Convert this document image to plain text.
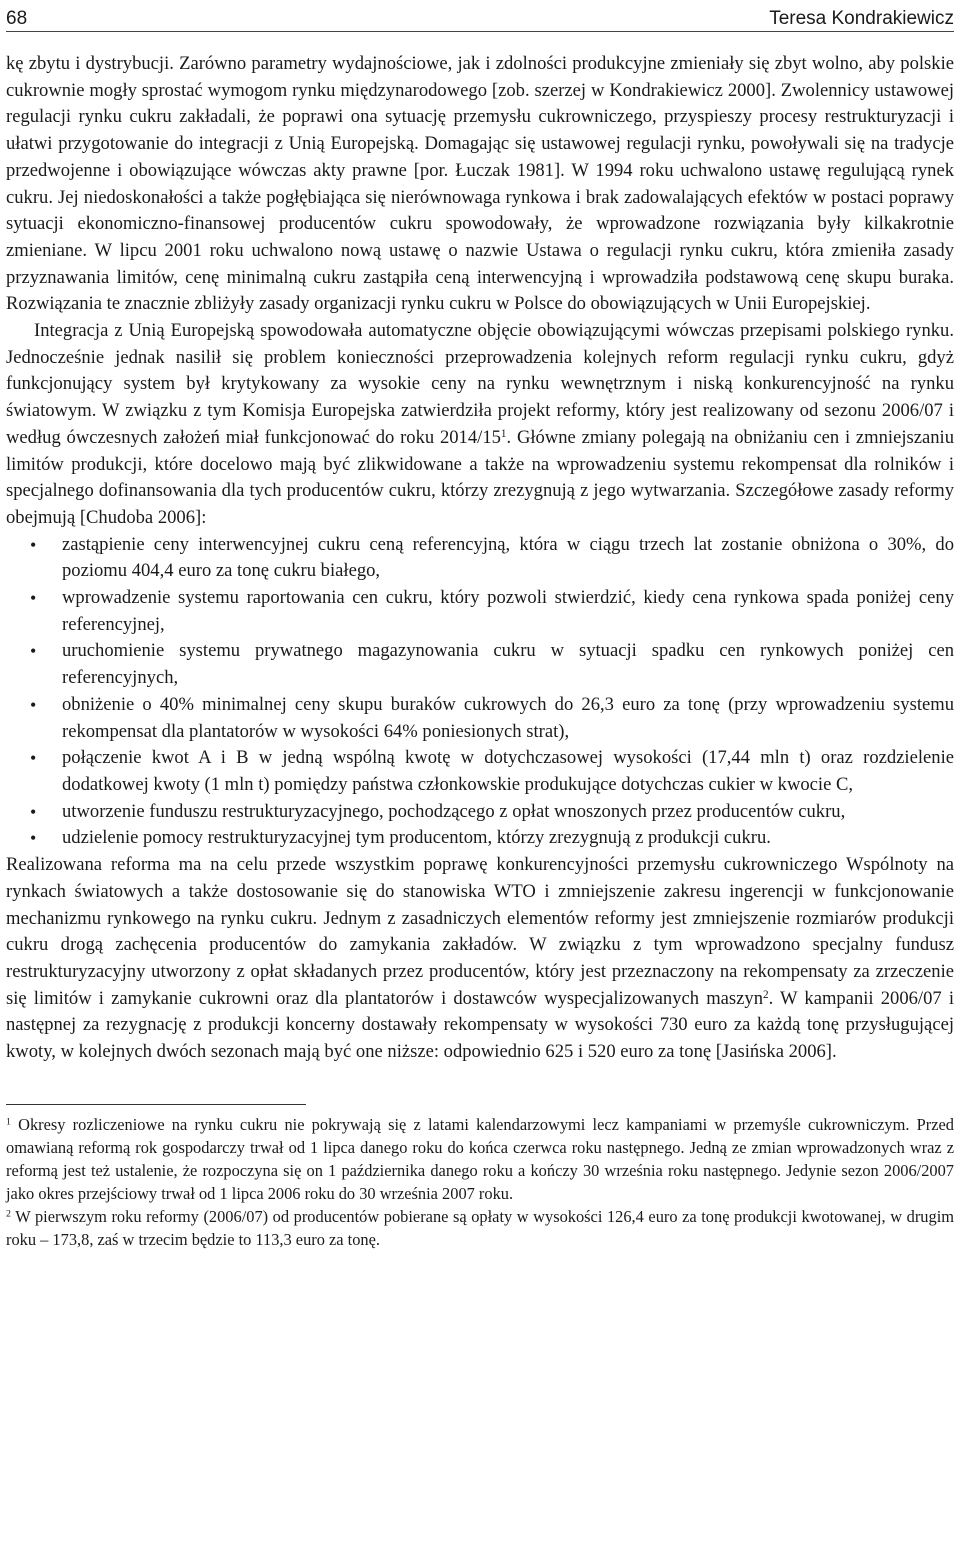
68	Teresa Kondrakiewicz

kę zbytu i dystrybucji. Zarówno parametry wydajnościowe, jak i zdolności produkcyjne zmieniały się zbyt wolno, aby polskie cukrownie mogły sprostać wymogom rynku międzynarodowego [zob. szerzej w Kondrakiewicz 2000]. Zwolennicy ustawowej regulacji rynku cukru zakładali, że poprawi ona sytuację przemysłu cukrowniczego, przyspieszy procesy restrukturyzacji i ułatwi przygotowanie do integracji z Unią Europejską. Domagając się ustawowej regulacji rynku, powoływali się na tradycje przedwojenne i obowiązujące wówczas akty prawne [por. Łuczak 1981]. W 1994 roku uchwalono ustawę regulującą rynek cukru. Jej niedoskonałości a także pogłębiająca się nierównowaga rynkowa i brak zadowalających efektów w postaci poprawy sytuacji ekonomiczno-finansowej producentów cukru spowodowały, że wprowadzone rozwiązania były kilkakrotnie zmieniane. W lipcu 2001 roku uchwalono nową ustawę o nazwie Ustawa o regulacji rynku cukru, która zmieniła zasady przyznawania limitów, cenę minimalną cukru zastąpiła ceną interwencyjną i wprowadziła podstawową cenę skupu buraka. Rozwiązania te znacznie zbliżyły zasady organizacji rynku cukru w Polsce do obowiązujących w Unii Europejskiej.

Integracja z Unią Europejską spowodowała automatyczne objęcie obowiązującymi wówczas przepisami polskiego rynku. Jednocześnie jednak nasilił się problem konieczności przeprowadzenia kolejnych reform regulacji rynku cukru, gdyż funkcjonujący system był krytykowany za wysokie ceny na rynku wewnętrznym i niską konkurencyjność na rynku światowym. W związku z tym Komisja Europejska zatwierdziła projekt reformy, który jest realizowany od sezonu 2006/07 i według ówczesnych założeń miał funkcjonować do roku $2014/15^1$. Główne zmiany polegają na obniżaniu cen i zmniejszaniu limitów produkcji, które docelowo mają być zlikwidowane a także na wprowadzeniu systemu rekompensat dla rolników i specjalnego dofinansowania dla tych producentów cukru, którzy zrezygnują z jego wytwarzania. Szczegółowe zasady reformy obejmują [Chudoba 2006]:

• zastąpienie ceny interwencyjnej cukru ceną referencyjną, która w ciągu trzech lat zostanie obniżona o 30%, do poziomu 404,4 euro za tonę cukru białego,
• wprowadzenie systemu raportowania cen cukru, który pozwoli stwierdzić, kiedy cena rynkowa spada poniżej ceny referencyjnej,
• uruchomienie systemu prywatnego magazynowania cukru w sytuacji spadku cen rynkowych poniżej cen referencyjnych,
• obniżenie o 40% minimalnej ceny skupu buraków cukrowych do 26,3 euro za tonę (przy wprowadzeniu systemu rekompensat dla plantatorów w wysokości 64% poniesionych strat),
• połączenie kwot A i B w jedną wspólną kwotę w dotychczasowej wysokości (17,44 mln t) oraz rozdzielenie dodatkowej kwoty (1 mln t) pomiędzy państwa członkowskie produkujące dotychczas cukier w kwocie C,
• utworzenie funduszu restrukturyzacyjnego, pochodzącego z opłat wnoszonych przez producentów cukru,
• udzielenie pomocy restrukturyzacyjnej tym producentom, którzy zrezygnują z produkcji cukru.

Realizowana reforma ma na celu przede wszystkim poprawę konkurencyjności przemysłu cukrowniczego Wspólnoty na rynkach światowych a także dostosowanie się do stanowiska WTO i zmniejszenie zakresu ingerencji w funkcjonowanie mechanizmu rynkowego na rynku cukru. Jednym z zasadniczych elementów reformy jest zmniejszenie rozmiarów produkcji cukru drogą zachęcenia producentów do zamykania zakładów. W związku z tym wprowadzono specjalny fundusz restrukturyzacyjny utworzony z opłat składanych przez producentów, który jest przeznaczony na rekompensaty za zrzeczenie się limitów i zamykanie cukrowni oraz dla plantatorów i dostawców wyspecjalizowanych maszyn$^2$. W kampanii 2006/07 i następnej za rezygnację z produkcji koncerny dostawały rekompensaty w wysokości 730 euro za każdą tonę przysługującej kwoty, w kolejnych dwóch sezonach mają być one niższe: odpowiednio 625 i 520 euro za tonę [Jasińska 2006].

$^1$ Okresy rozliczeniowe na rynku cukru nie pokrywają się z latami kalendarzowymi lecz kampaniami w przemyśle cukrowniczym. Przed omawianą reformą rok gospodarczy trwał od 1 lipca danego roku do końca czerwca roku następnego. Jedną ze zmian wprowadzonych wraz z reformą jest też ustalenie, że rozpoczyna się on 1 października danego roku a kończy 30 września roku następnego. Jedynie sezon 2006/2007 jako okres przejściowy trwał od 1 lipca 2006 roku do 30 września 2007 roku.

$^2$ W pierwszym roku reformy (2006/07) od producentów pobierane są opłaty w wysokości 126,4 euro za tonę produkcji kwotowanej, w drugim roku – 173,8, zaś w trzecim będzie to 113,3 euro za tonę.
